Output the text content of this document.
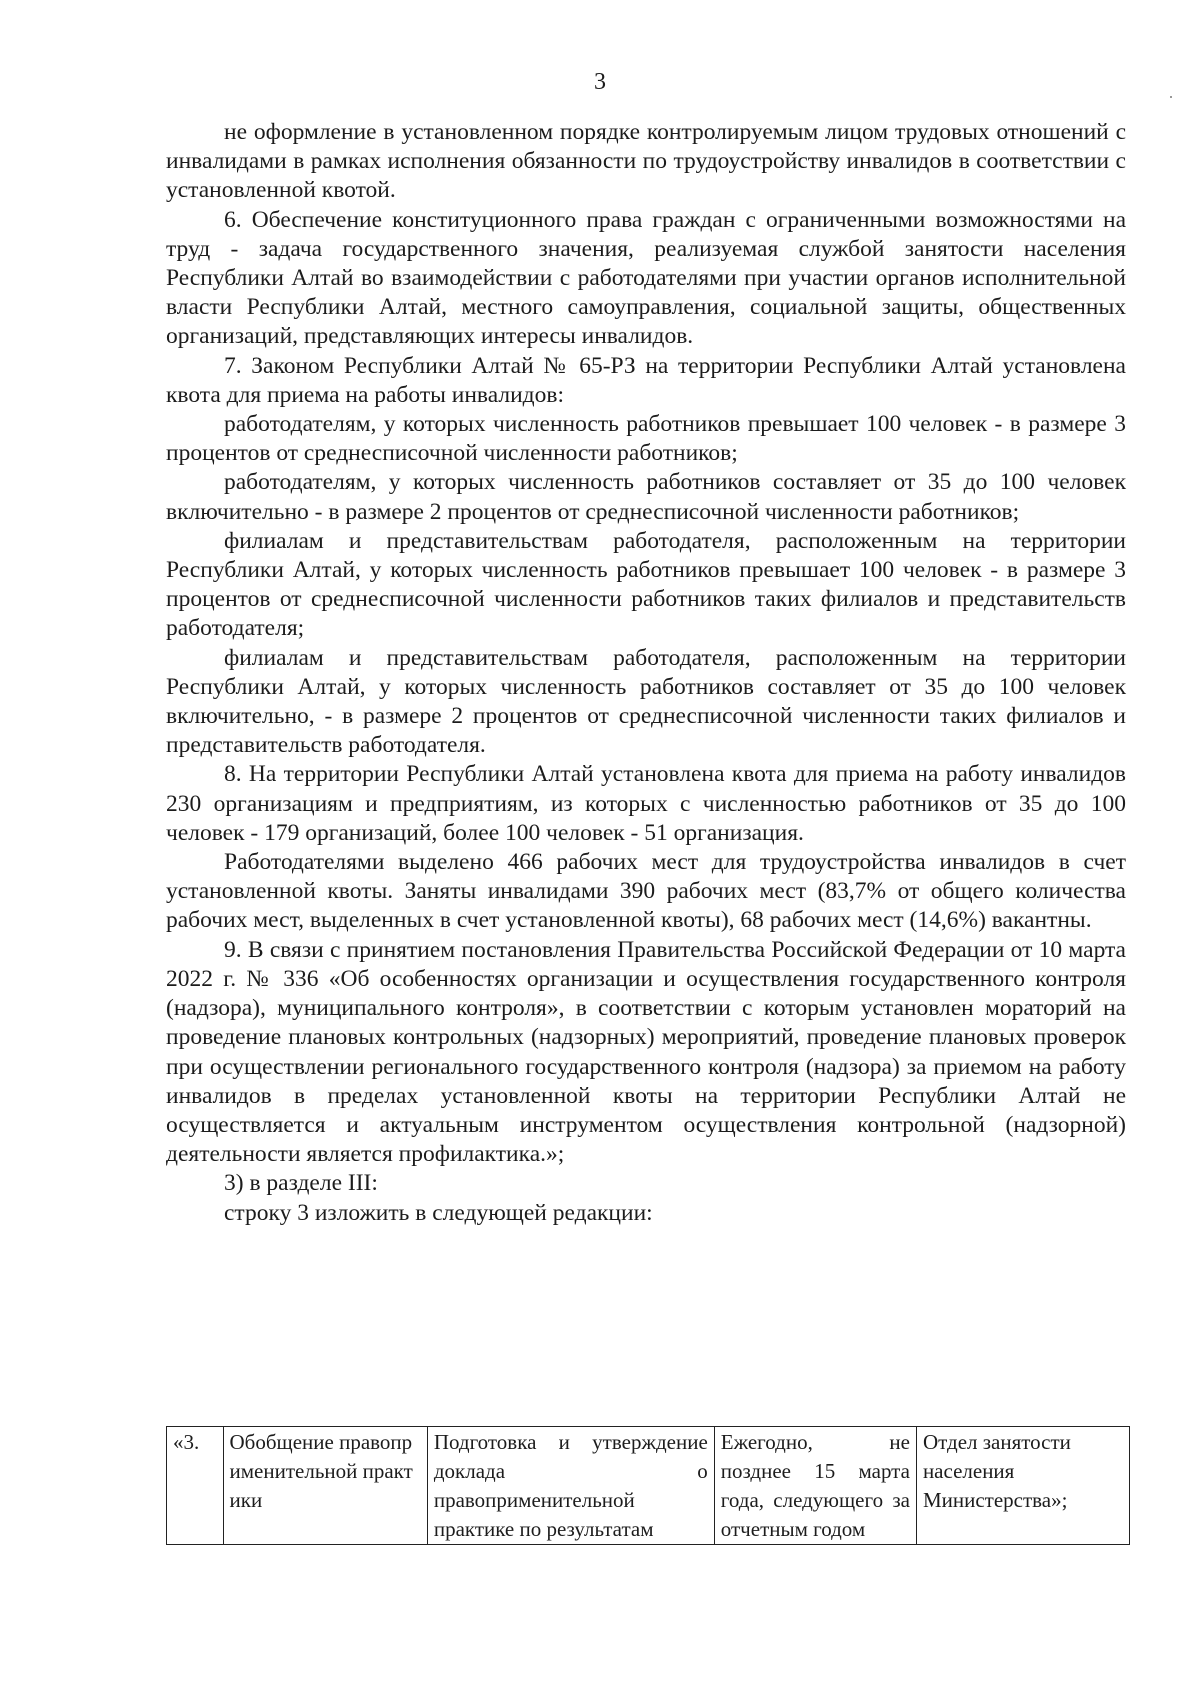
3

не оформление в установленном порядке контролируемым лицом трудовых отношений с инвалидами в рамках исполнения обязанности по трудоустройству инвалидов в соответствии с установленной квотой.

6. Обеспечение конституционного права граждан с ограниченными возможностями на труд - задача государственного значения, реализуемая службой занятости населения Республики Алтай во взаимодействии с работодателями при участии органов исполнительной власти Республики Алтай, местного самоуправления, социальной защиты, общественных организаций, представляющих интересы инвалидов.

7. Законом Республики Алтай № 65-РЗ на территории Республики Алтай установлена квота для приема на работы инвалидов:

работодателям, у которых численность работников превышает 100 человек - в размере 3 процентов от среднесписочной численности работников;

работодателям, у которых численность работников составляет от 35 до 100 человек включительно - в размере 2 процентов от среднесписочной численности работников;

филиалам и представительствам работодателя, расположенным на территории Республики Алтай, у которых численность работников превышает 100 человек - в размере 3 процентов от среднесписочной численности работников таких филиалов и представительств работодателя;

филиалам и представительствам работодателя, расположенным на территории Республики Алтай, у которых численность работников составляет от 35 до 100 человек включительно, - в размере 2 процентов от среднесписочной численности таких филиалов и представительств работодателя.

8. На территории Республики Алтай установлена квота для приема на работу инвалидов 230 организациям и предприятиям, из которых с численностью работников от 35 до 100 человек - 179 организаций, более 100 человек - 51 организация.

Работодателями выделено 466 рабочих мест для трудоустройства инвалидов в счет установленной квоты. Заняты инвалидами 390 рабочих мест (83,7% от общего количества рабочих мест, выделенных в счет установленной квоты), 68 рабочих мест (14,6%) вакантны.

9. В связи с принятием постановления Правительства Российской Федерации от 10 марта 2022 г. № 336 «Об особенностях организации и осуществления государственного контроля (надзора), муниципального контроля», в соответствии с которым установлен мораторий на проведение плановых контрольных (надзорных) мероприятий, проведение плановых проверок при осуществлении регионального государственного контроля (надзора) за приемом на работу инвалидов в пределах установленной квоты на территории Республики Алтай не осуществляется и актуальным инструментом осуществления контрольной (надзорной) деятельности является профилактика.»;

3) в разделе III:

строку 3 изложить в следующей редакции:

«3.	Обобщение правоприменительной практики	Подготовка и утверждение доклада о правоприменительной практике по результатам	Ежегодно, не позднее 15 марта года, следующего за отчетным годом	Отдел занятости населения Министерства»;
